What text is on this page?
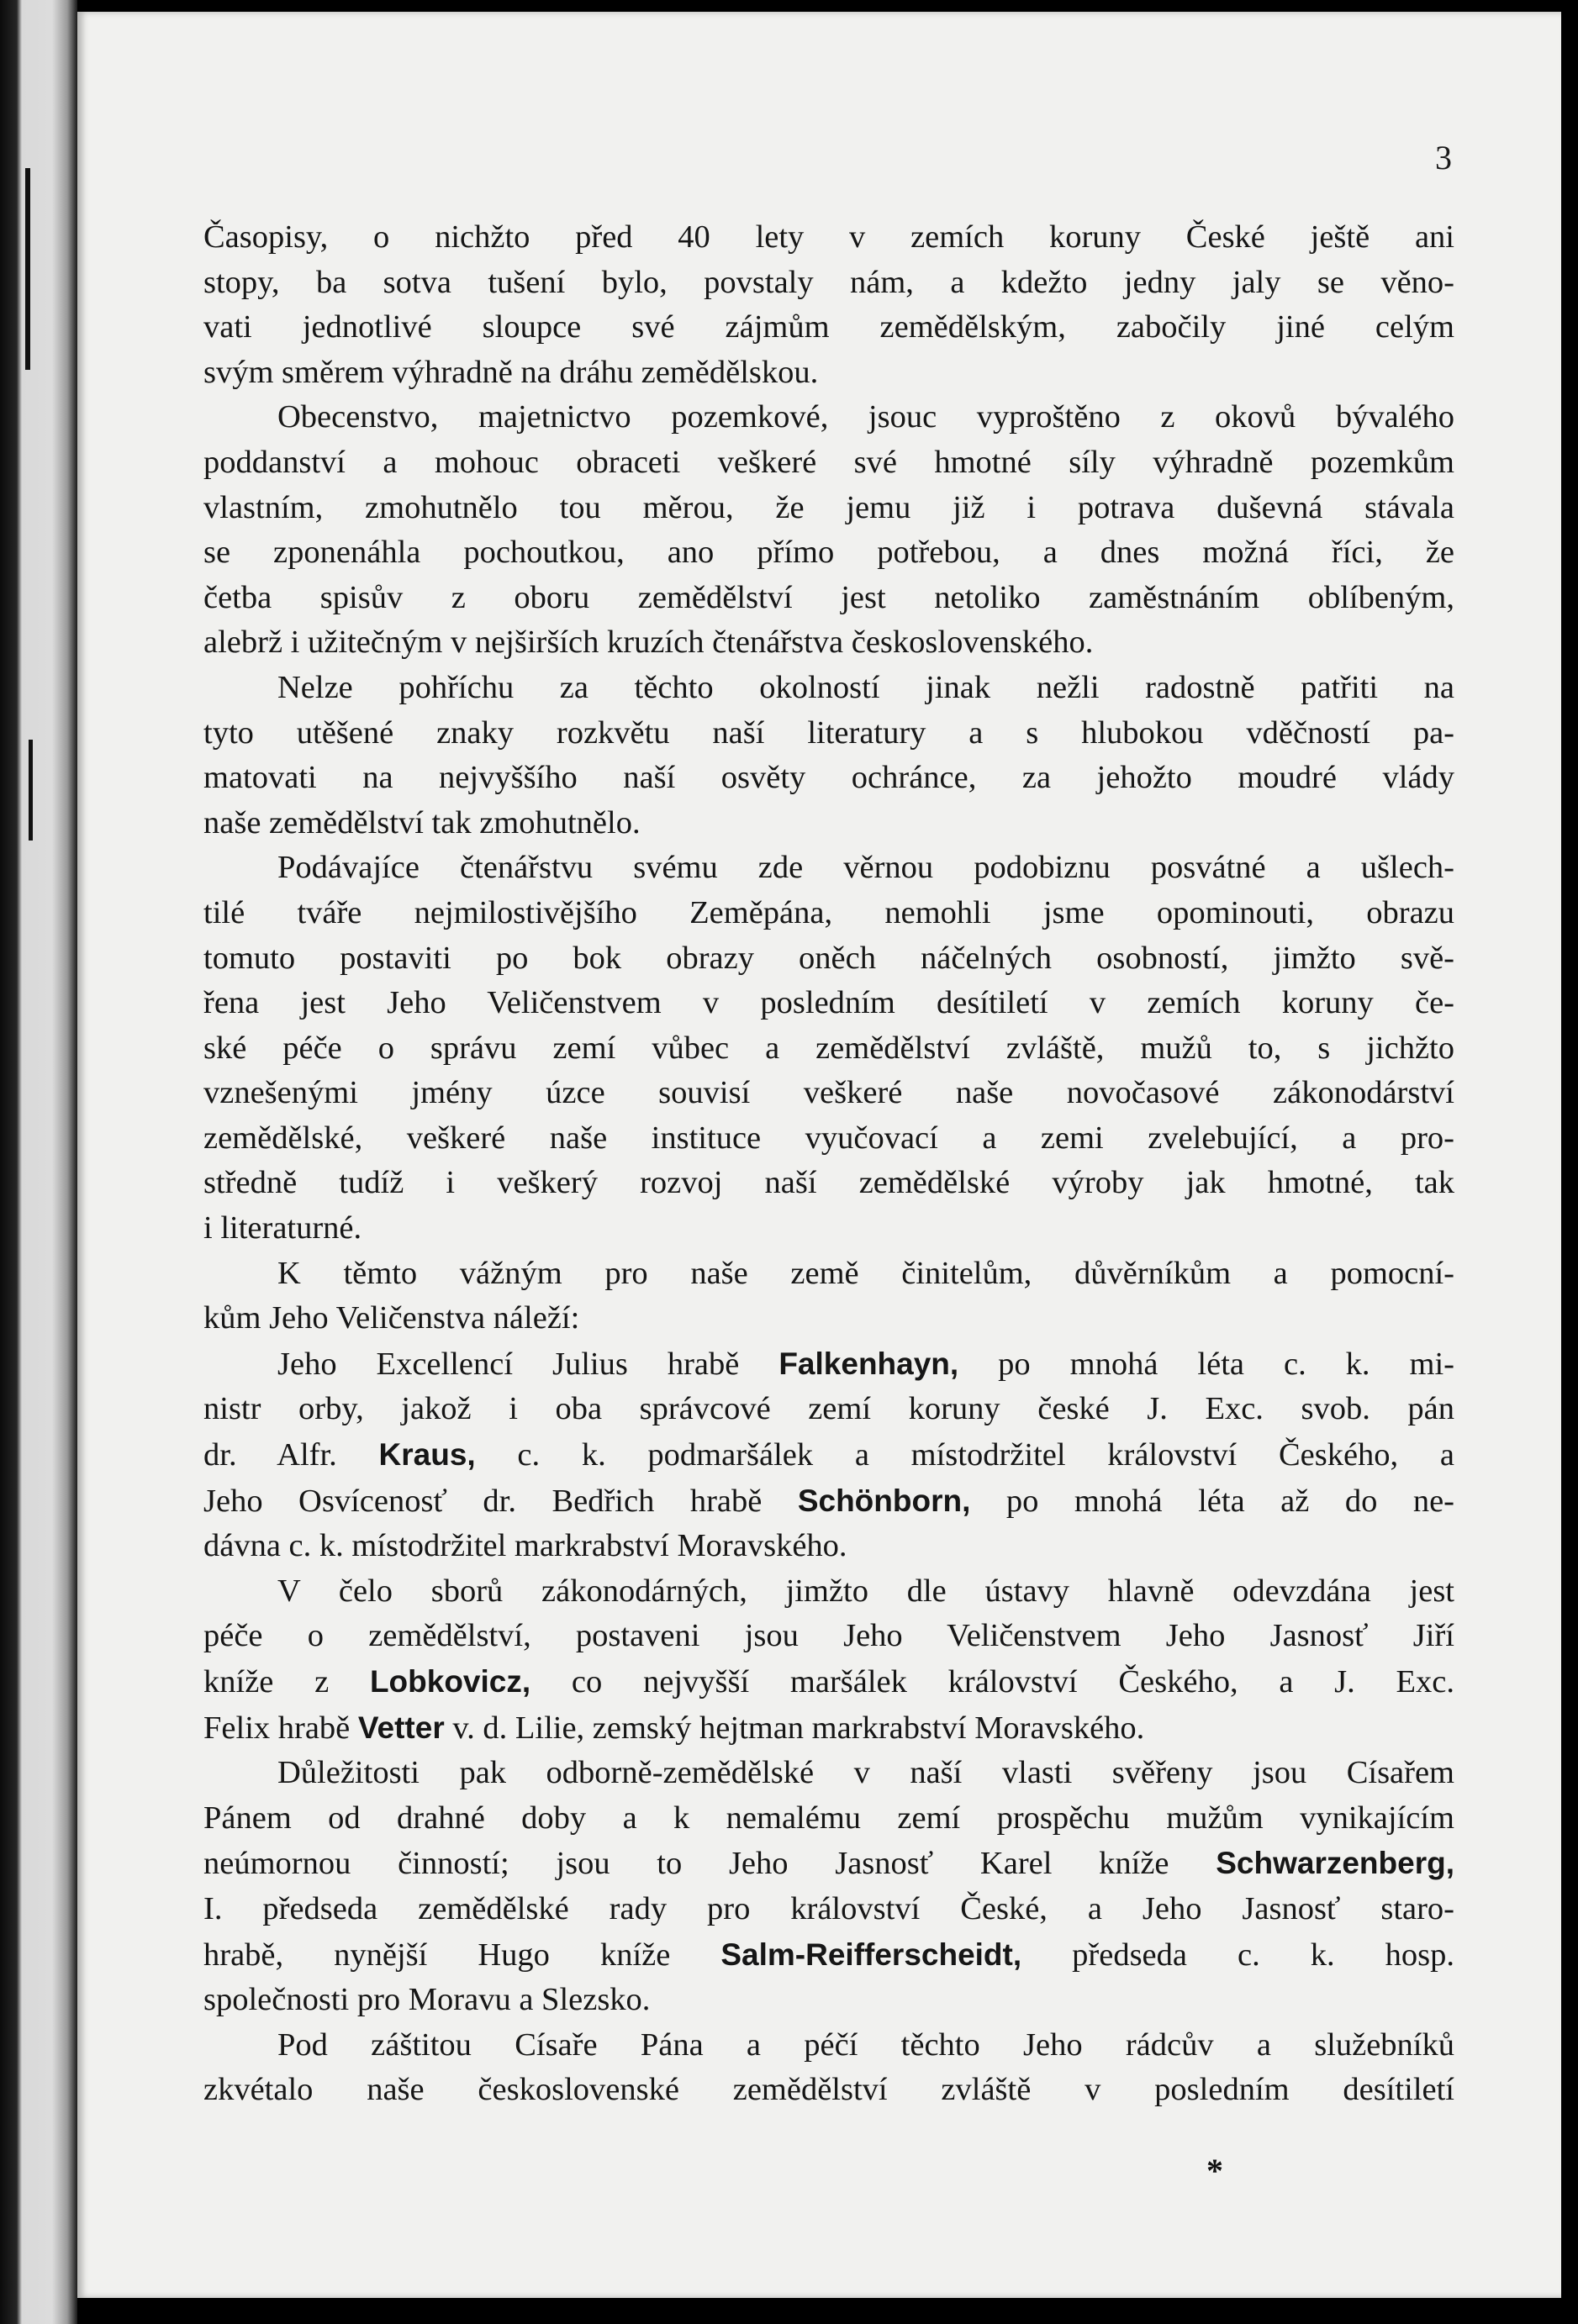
3
Časopisy, o nichžto před 40 lety v zemích koruny České ještě ani
stopy, ba sotva tušení bylo, povstaly nám, a kdežto jedny jaly se věno-
vati jednotlivé sloupce své zájmům zemědělským, zabočily jiné celým
svým směrem výhradně na dráhu zemědělskou.
Obecenstvo, majetnictvo pozemkové, jsouc vyproštěno z okovů bývalého
poddanství a mohouc obraceti veškeré své hmotné síly výhradně pozemkům
vlastním, zmohutnělo tou měrou, že jemu již i potrava duševná stávala
se zponenáhla pochoutkou, ano přímo potřebou, a dnes možná říci, že
četba spisův z oboru zemědělství jest netoliko zaměstnáním oblíbeným,
alebrž i užitečným v nejširších kruzích čtenářstva československého.
Nelze pohříchu za těchto okolností jinak nežli radostně patřiti na
tyto utěšené znaky rozkvětu naší literatury a s hlubokou vděčností pa-
matovati na nejvyššího naší osvěty ochránce, za jehožto moudré vlády
naše zemědělství tak zmohutnělo.
Podávajíce čtenářstvu svému zde věrnou podobiznu posvátné a ušlech-
tilé tváře nejmilostivějšího Zeměpána, nemohli jsme opominouti, obrazu
tomuto postaviti po bok obrazy oněch náčelných osobností, jimžto svě-
řena jest Jeho Veličenstvem v posledním desítiletí v zemích koruny če-
ské péče o správu zemí vůbec a zemědělství zvláště, mužů to, s jichžto
vznešenými jmény úzce souvisí veškeré naše novočasové zákonodárství
zemědělské, veškeré naše instituce vyučovací a zemi zvelebující, a pro-
středně tudíž i veškerý rozvoj naší zemědělské výroby jak hmotné, tak
i literaturné.
K těmto vážným pro naše země činitelům, důvěrníkům a pomocní-
kům Jeho Veličenstva náleží:
Jeho Excellencí Julius hrabě Falkenhayn, po mnohá léta c. k. mi-
nistr orby, jakož i oba správcové zemí koruny české J. Exc. svob. pán
dr. Alfr. Kraus, c. k. podmaršálek a místodržitel království Českého, a
Jeho Osvícenosť dr. Bedřich hrabě Schönborn, po mnohá léta až do ne-
dávna c. k. místodržitel markrabství Moravského.
V čelo sborů zákonodárných, jimžto dle ústavy hlavně odevzdána jest
péče o zemědělství, postaveni jsou Jeho Veličenstvem Jeho Jasnosť Jiří
kníže z Lobkovicz, co nejvyšší maršálek království Českého, a J. Exc.
Felix hrabě Vetter v. d. Lilie, zemský hejtman markrabství Moravského.
Důležitosti pak odborně-zemědělské v naší vlasti svěřeny jsou Císařem
Pánem od drahné doby a k nemalému zemí prospěchu mužům vynikajícím
neúmornou činností; jsou to Jeho Jasnosť Karel kníže Schwarzenberg,
I. předseda zemědělské rady pro království České, a Jeho Jasnosť staro-
hrabě, nynější Hugo kníže Salm-Reifferscheidt, předseda c. k. hosp.
společnosti pro Moravu a Slezsko.
Pod záštitou Císaře Pána a péčí těchto Jeho rádcův a služebníků
zkvétalo naše československé zemědělství zvláště v posledním desítiletí
*
